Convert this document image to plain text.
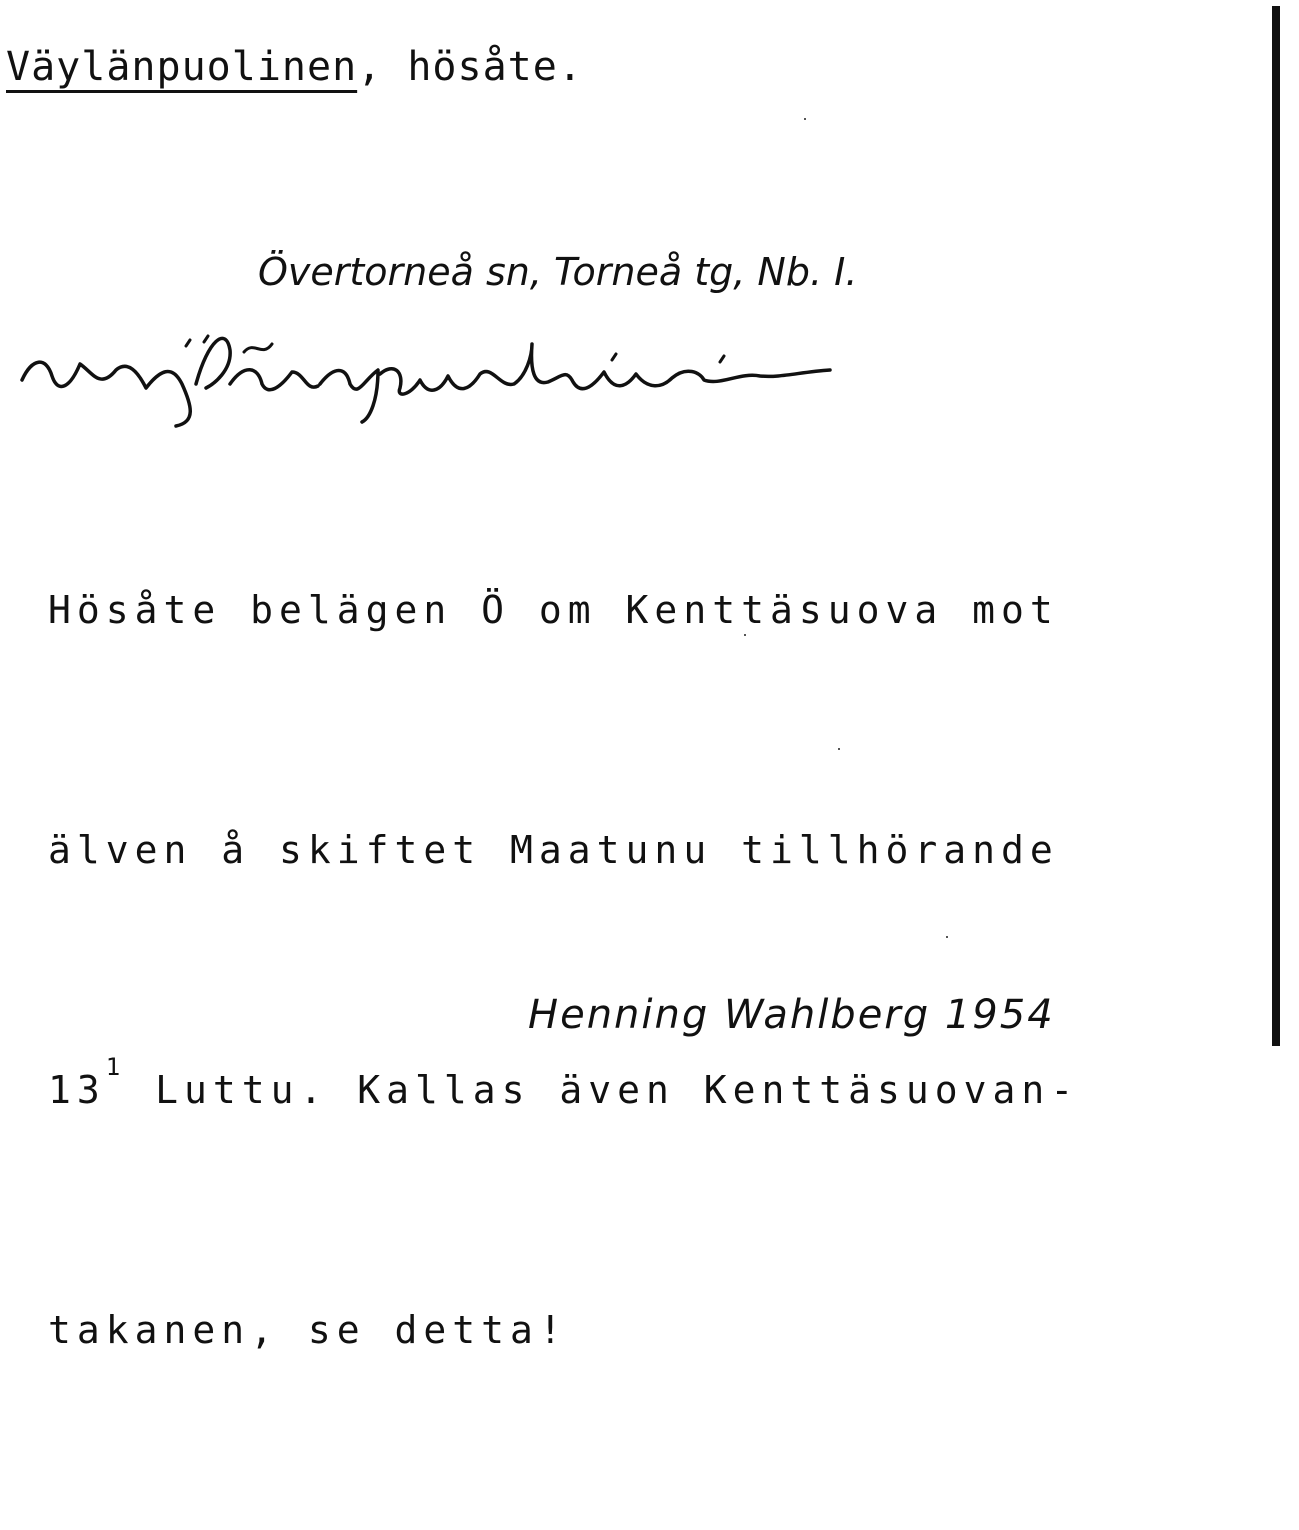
Väylänpuolinen, hösåte.
Övertorneå sn, Torneå tg, Nb. I.

Hösåte belägen Ö om Kenttäsuova mot

älven å skiftet Maatunu tillhörande

$13^1$ Luttu. Kallas även Kenttäsuovan-

takanen, se detta!

Henning Wahlberg 1954
